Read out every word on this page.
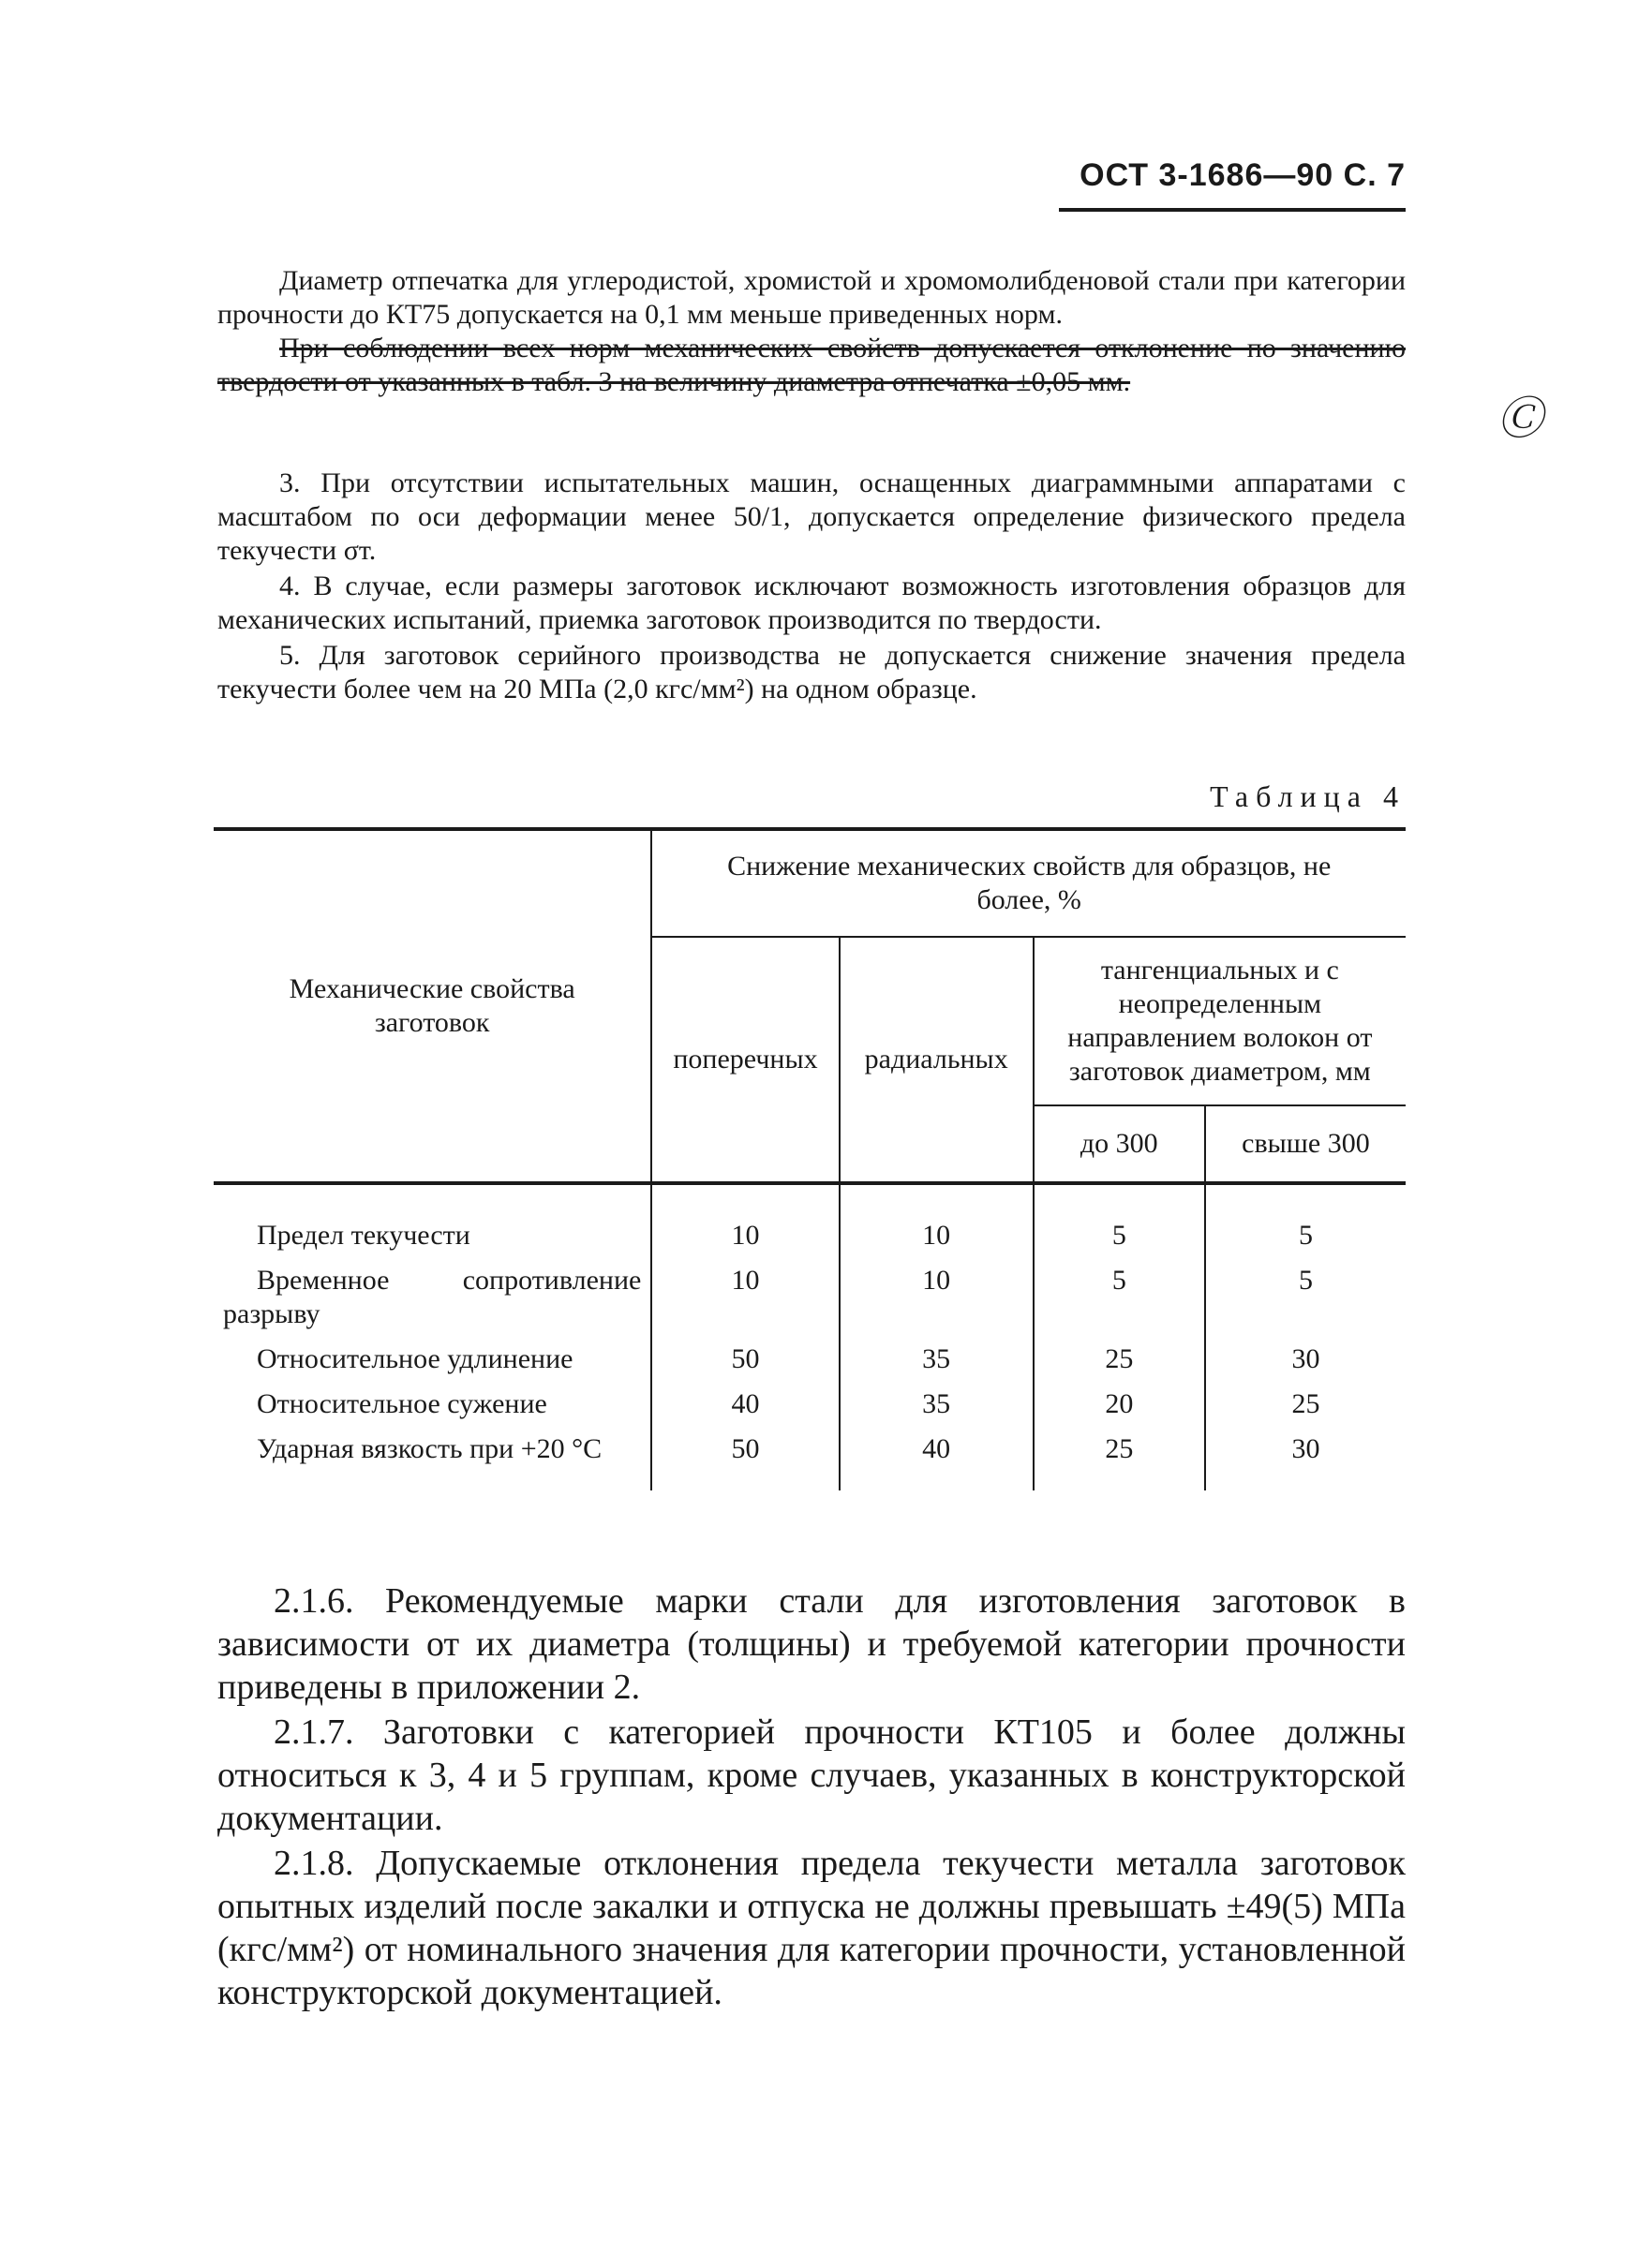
ОСТ 3-1686—90 С. 7

Диаметр отпечатка для углеродистой, хромистой и хромомолибденовой стали при категории прочности до КТ75 допускается на 0,1 мм меньше приведенных норм.

При соблюдении всех норм механических свойств допускается отклонение по значению твердости от указанных в табл. 3 на величину диаметра отпечатка ±0,05 мм.

Ⓒ

3. При отсутствии испытательных машин, оснащенных диаграммными аппаратами с масштабом по оси деформации менее 50/1, допускается определение физического предела текучести σт.

4. В случае, если размеры заготовок исключают возможность изготовления образцов для механических испытаний, приемка заготовок производится по твердости.

5. Для заготовок серийного производства не допускается снижение значения предела текучести более чем на 20 МПа (2,0 кгс/мм²) на одном образце.

Таблица 4
Механические свойства заготовок	Снижение механических свойств для образцов, не более, %			
	поперечных	радиальных	тангенциальных и с неопределенным направлением волокон от заготовок диаметром, мм	
			до 300	свыше 300
Предел текучести	10	10	5	5
Временное сопротивление разрыву	10	10	5	5
Относительное удлинение	50	35	25	30
Относительное сужение	40	35	20	25
Ударная вязкость при +20 °С	50	40	25	30

2.1.6. Рекомендуемые марки стали для изготовления заготовок в зависимости от их диаметра (толщины) и требуемой категории прочности приведены в приложении 2.

2.1.7. Заготовки с категорией прочности КТ105 и более должны относиться к 3, 4 и 5 группам, кроме случаев, указанных в конструкторской документации.

2.1.8. Допускаемые отклонения предела текучести металла заготовок опытных изделий после закалки и отпуска не должны превышать ±49(5) МПа (кгс/мм²) от номинального значения для категории прочности, установленной конструкторской документацией.
